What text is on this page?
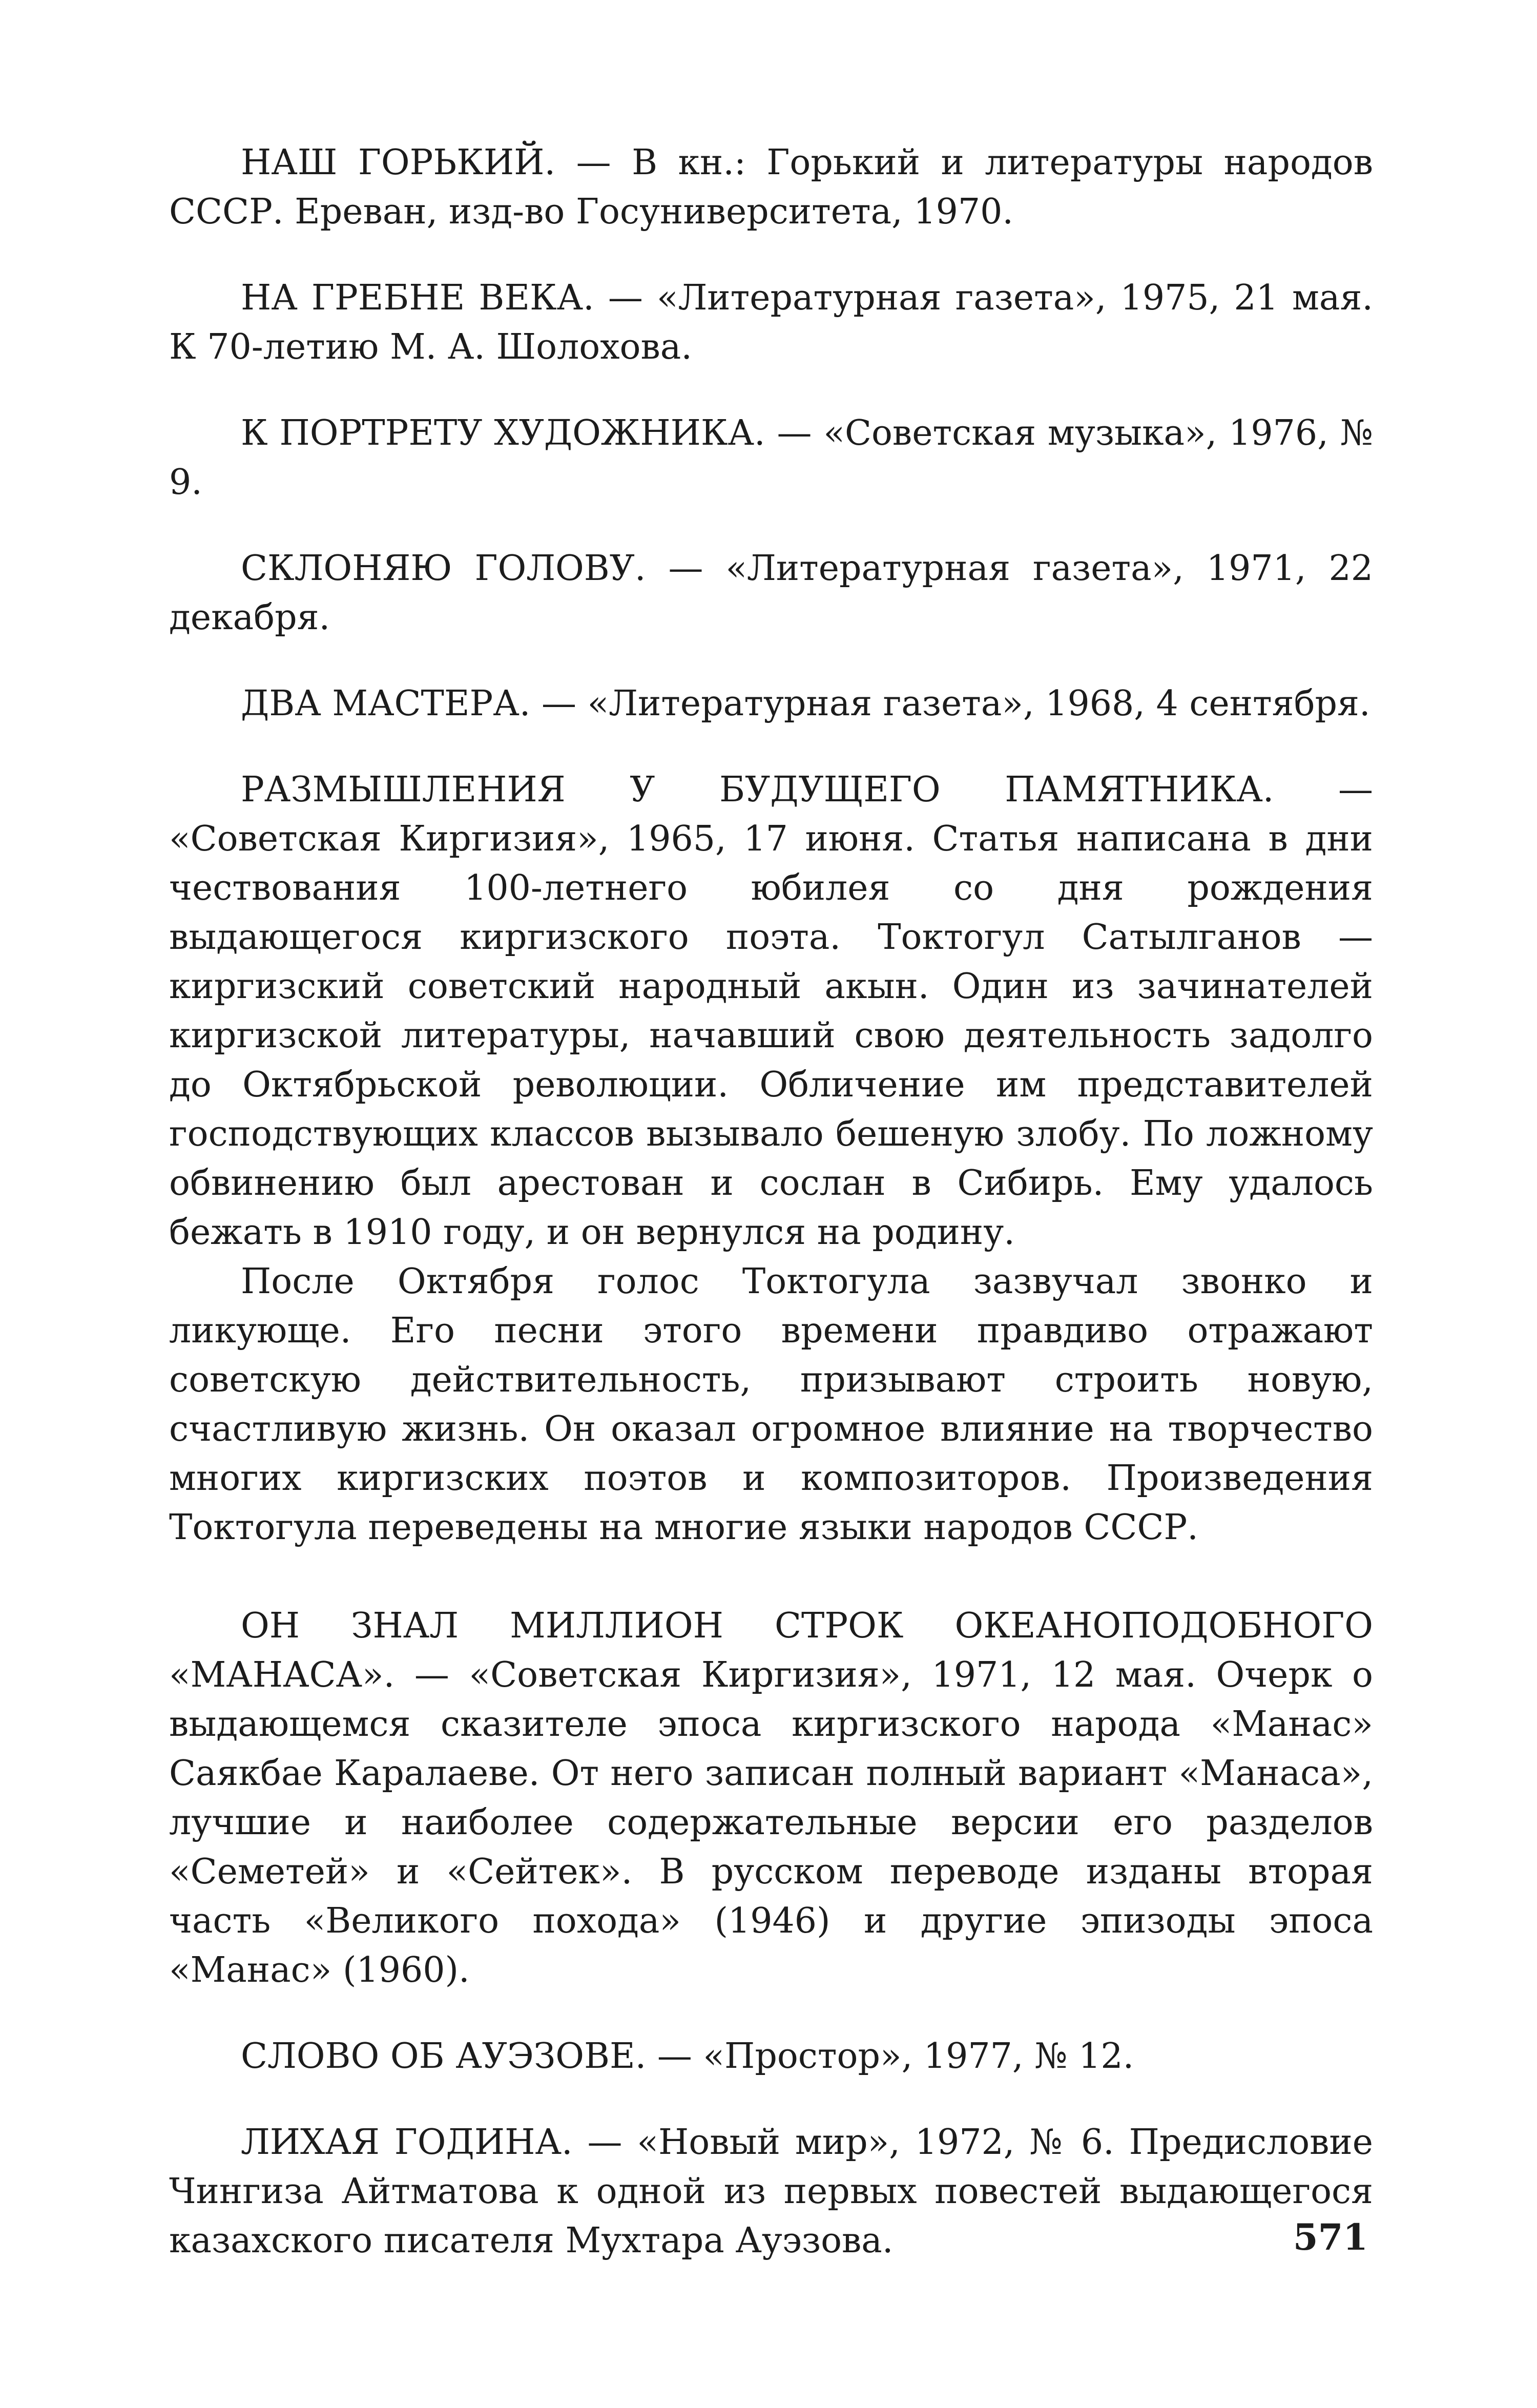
НАШ ГОРЬКИЙ. — В кн.: Горький и литературы народов СССР. Ереван, изд-во Госуниверситета, 1970.

НА ГРЕБНЕ ВЕКА. — «Литературная газета», 1975, 21 мая. К 70-летию М. А. Шолохова.

К ПОРТРЕТУ ХУДОЖНИКА. — «Советская музыка», 1976, № 9.

СКЛОНЯЮ ГОЛОВУ. — «Литературная газета», 1971, 22 декабря.

ДВА МАСТЕРА. — «Литературная газета», 1968, 4 сентября.

РАЗМЫШЛЕНИЯ У БУДУЩЕГО ПАМЯТНИКА. — «Советская Киргизия», 1965, 17 июня. Статья написана в дни чествования 100-летнего юбилея со дня рождения выдающегося киргизского поэта. Токтогул Сатылганов — киргизский советский народный акын. Один из зачинателей киргизской литературы, начавший свою деятельность задолго до Октябрьской революции. Обличение им представителей господствующих классов вызывало бешеную злобу. По ложному обвинению был арестован и сослан в Сибирь. Ему удалось бежать в 1910 году, и он вернулся на родину.

После Октября голос Токтогула зазвучал звонко и ликующе. Его песни этого времени правдиво отражают советскую действительность, призывают строить новую, счастливую жизнь. Он оказал огромное влияние на творчество многих киргизских поэтов и композиторов. Произведения Токтогула переведены на многие языки народов СССР.

ОН ЗНАЛ МИЛЛИОН СТРОК ОКЕАНОПОДОБНОГО «МАНАСА». — «Советская Киргизия», 1971, 12 мая. Очерк о выдающемся сказителе эпоса киргизского народа «Манас» Саякбае Каралаеве. От него записан полный вариант «Манаса», лучшие и наиболее содержательные версии его разделов «Семетей» и «Сейтек». В русском переводе изданы вторая часть «Великого похода» (1946) и другие эпизоды эпоса «Манас» (1960).

СЛОВО ОБ АУЭЗОВЕ. — «Простор», 1977, № 12.

ЛИХАЯ ГОДИНА. — «Новый мир», 1972, № 6. Предисловие Чингиза Айтматова к одной из первых повестей выдающегося казахского писателя Мухтара Ауэзова.	571
